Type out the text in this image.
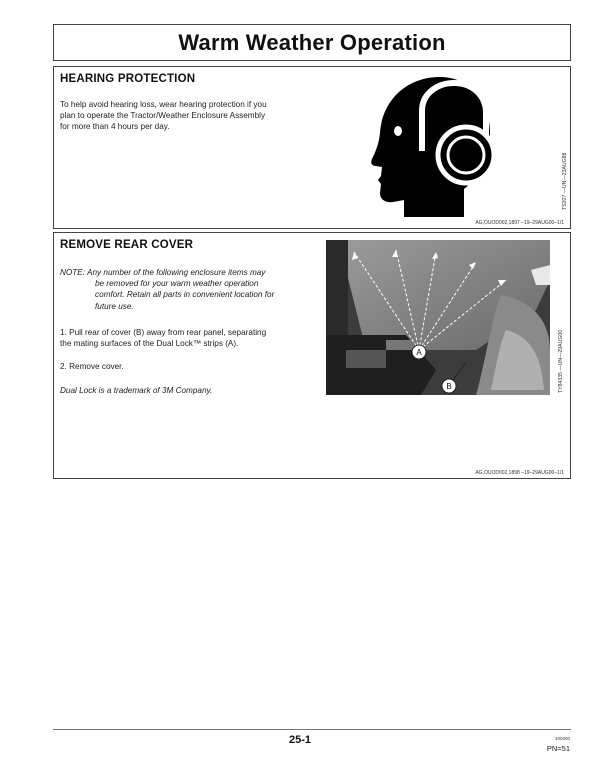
Warm Weather Operation
HEARING PROTECTION
To help avoid hearing loss, wear hearing protection if you
plan to operate the Tractor/Weather Enclosure Assembly
for more than 4 hours per day.
TS207 —UN—23AUG88
AG,OUOD002,1897 –19–29AUG00–1/1
REMOVE REAR COVER
NOTE: Any number of the following enclosure items may
be removed for your warm weather operation
comfort. Retain all parts in convenient location for
future use.
1. Pull rear of cover (B) away from rear panel, separating
the mating surfaces of the Dual Lock™ strips (A).
2. Remove cover.
Dual Lock is a trademark of 3M Company.
A
B	TY84335 —UN—29AUG00
AG,OUOD002,1898 –19–29AUG00–1/1
25-1	100200
PN=51
